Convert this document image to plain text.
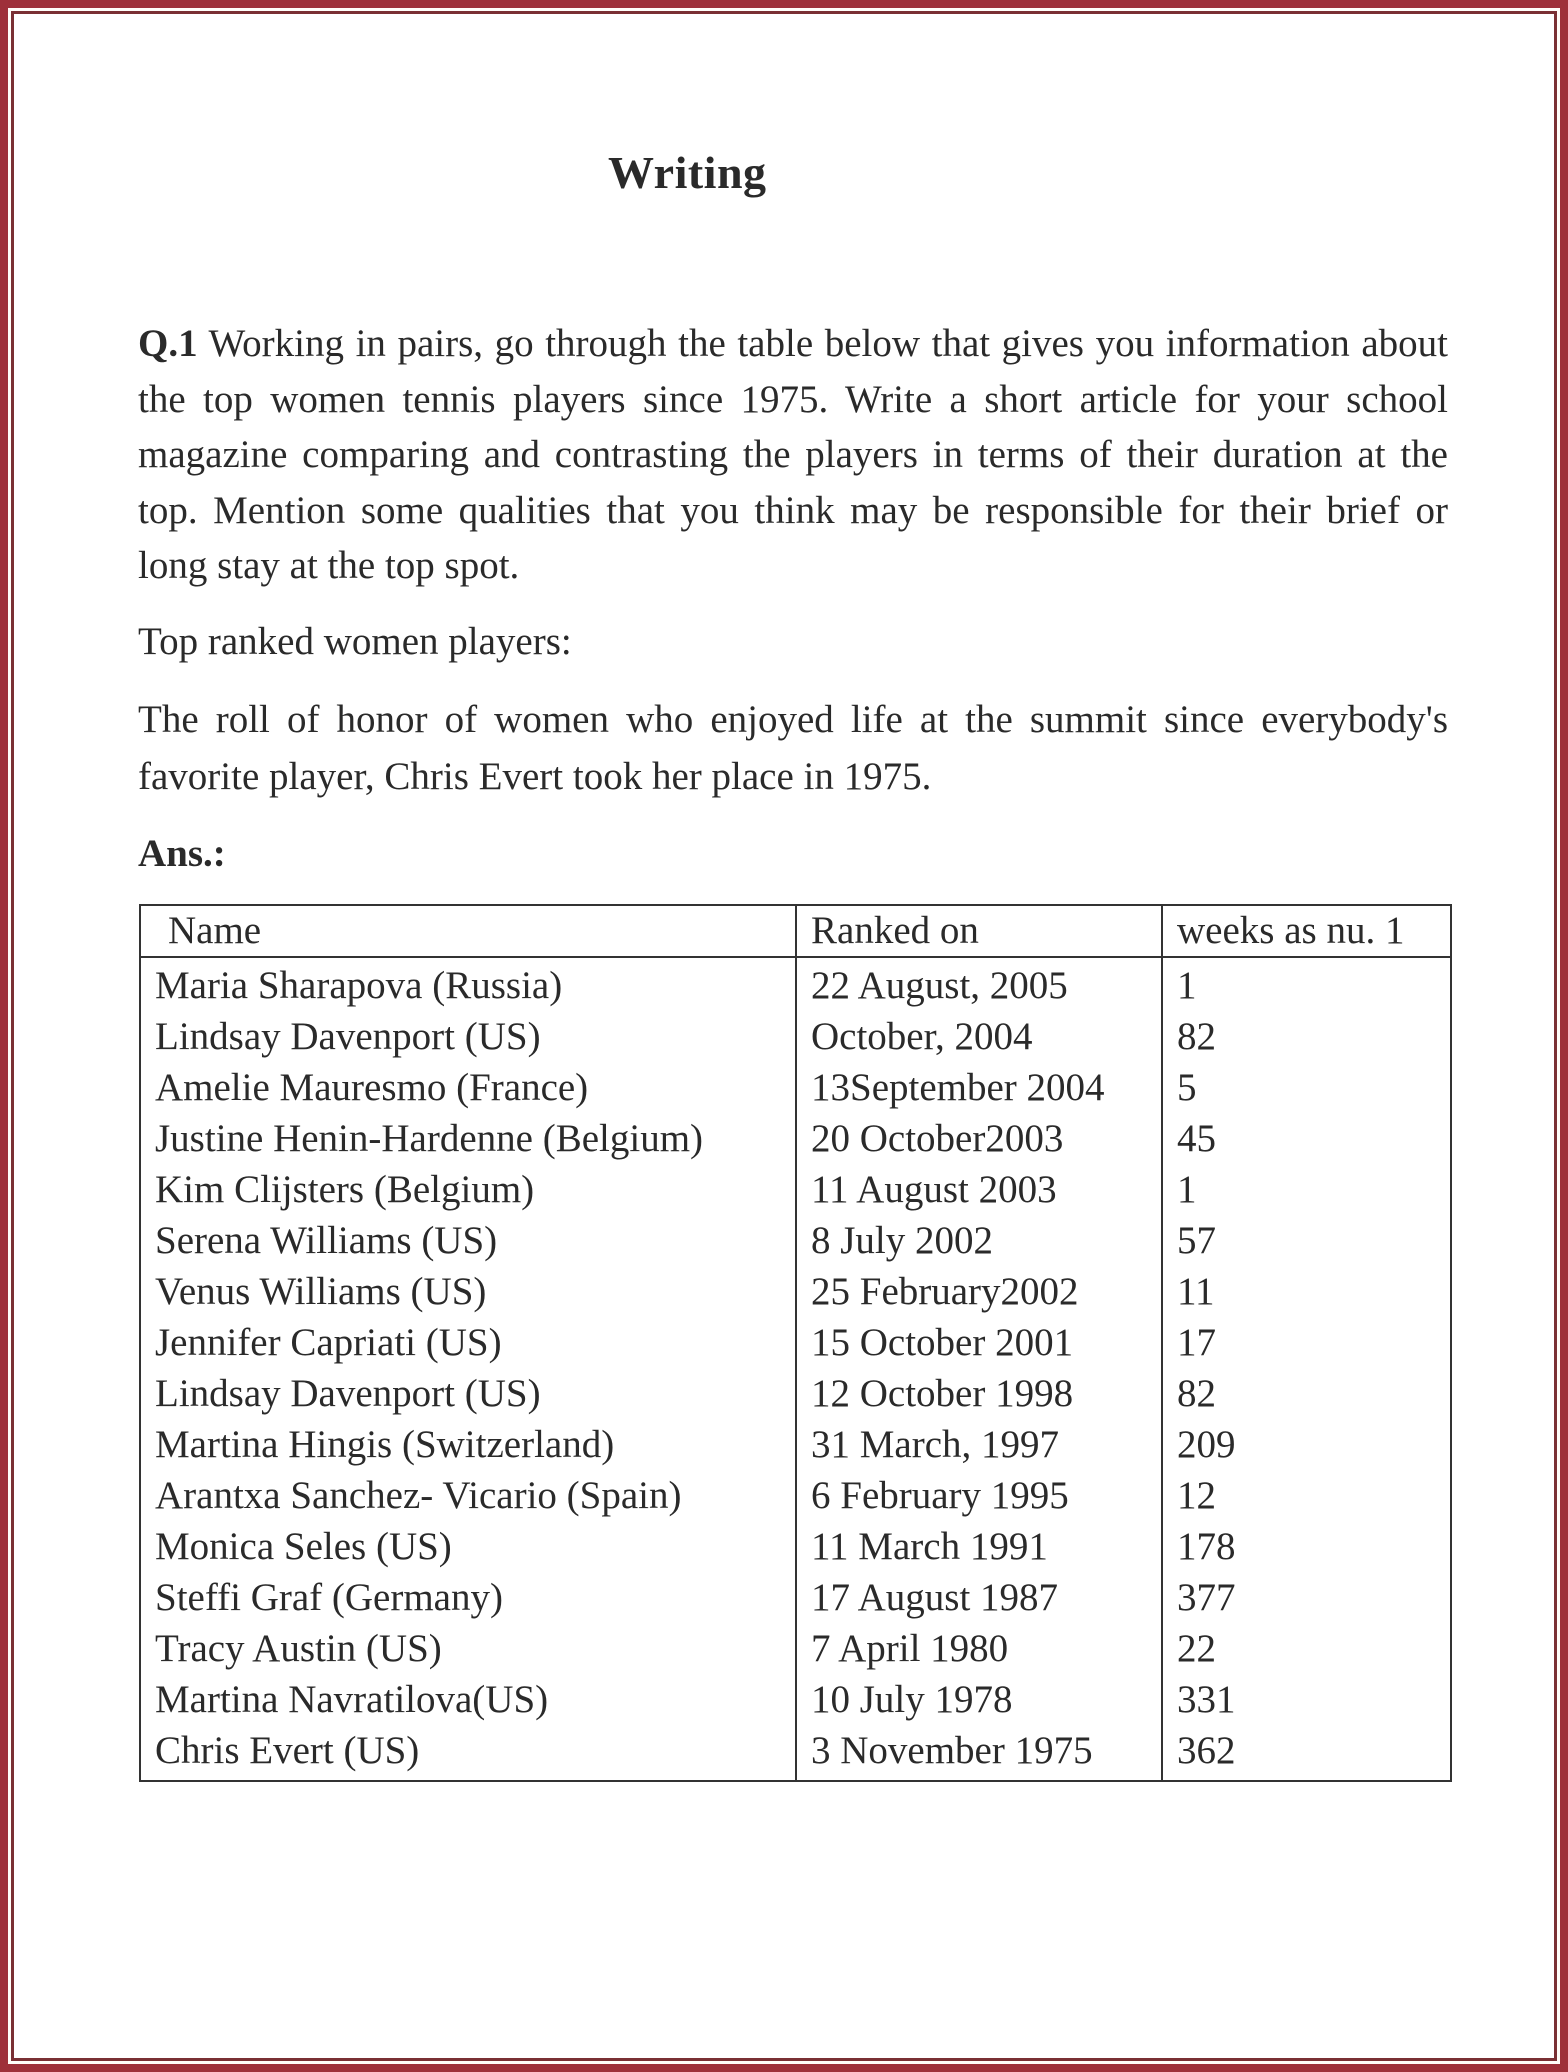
Writing

Q.1 Working in pairs, go through the table below that gives you information about the top women tennis players since 1975. Write a short article for your school magazine comparing and contrasting the players in terms of their duration at the top. Mention some qualities that you think may be responsible for their brief or long stay at the top spot.

Top ranked women players:

The roll of honor of women who enjoyed life at the summit since everybody's favorite player, Chris Evert took her place in 1975.

Ans.:

Name	Ranked on	weeks as nu. 1
Maria Sharapova (Russia)	22 August, 2005	1
Lindsay Davenport (US)	October, 2004	82
Amelie Mauresmo (France)	13September 2004	5
Justine Henin-Hardenne (Belgium)	20 October2003	45
Kim Clijsters (Belgium)	11 August 2003	1
Serena Williams (US)	8 July 2002	57
Venus Williams (US)	25 February2002	11
Jennifer Capriati (US)	15 October 2001	17
Lindsay Davenport (US)	12 October 1998	82
Martina Hingis (Switzerland)	31 March, 1997	209
Arantxa Sanchez- Vicario (Spain)	6 February 1995	12
Monica Seles (US)	11 March 1991	178
Steffi Graf (Germany)	17 August 1987	377
Tracy Austin (US)	7 April 1980	22
Martina Navratilova(US)	10 July 1978	331
Chris Evert (US)	3 November 1975	362
